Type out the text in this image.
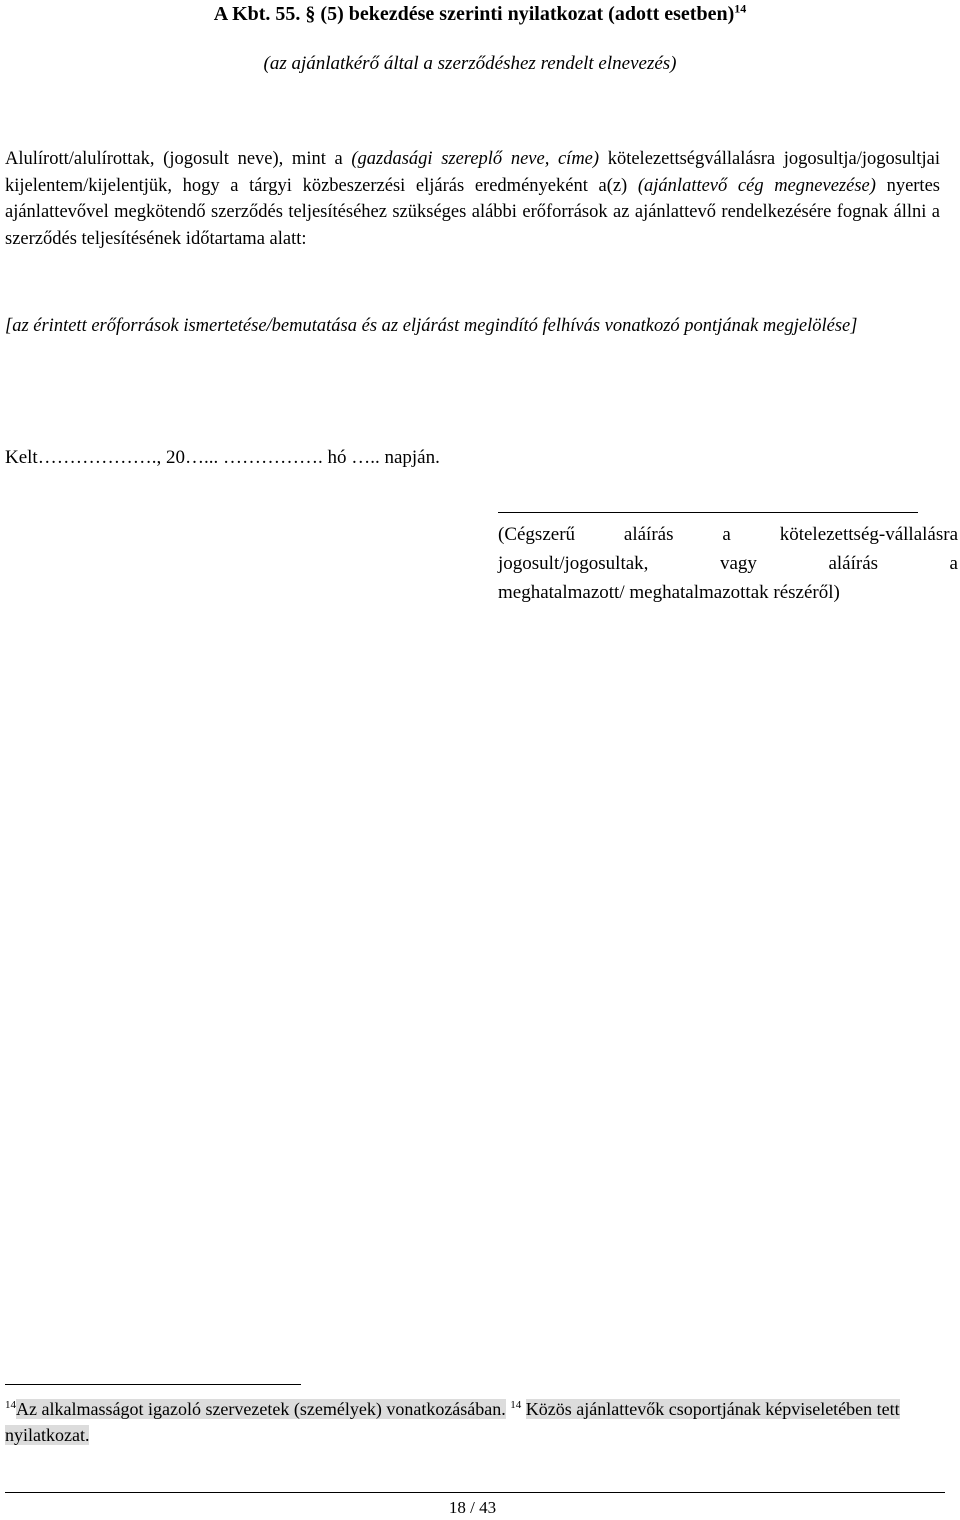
A Kbt. 55. § (5) bekezdése szerinti nyilatkozat (adott esetben)$^{14}$
(az ajánlatkérő által a szerződéshez rendelt elnevezés)
Alulírott/alulírottak, (jogosult neve), mint a (gazdasági szereplő neve, címe) kötelezettségvállalásra jogosultja/jogosultjai kijelentem/kijelentjük, hogy a tárgyi közbeszerzési eljárás eredményeként a(z) (ajánlattevő cég megnevezése) nyertes ajánlattevővel megkötendő szerződés teljesítéséhez szükséges alábbi erőforrások az ajánlattevő rendelkezésére fognak állni a szerződés teljesítésének időtartama alatt:
[az érintett erőforrások ismertetése/bemutatása és az eljárást megindító felhívás vonatkozó pontjának megjelölése]
Kelt………………., 20…... ……………. hó ….. napján.
(Cégszerű aláírás a kötelezettség-vállalásra
jogosult/jogosultak, vagy aláírás a
meghatalmazott/ meghatalmazottak részéről)
$^{14}$Az alkalmasságot igazoló szervezetek (személyek) vonatkozásában. $^{14}$ Közös ajánlattevők csoportjának képviseletében tett nyilatkozat.
18 / 43
